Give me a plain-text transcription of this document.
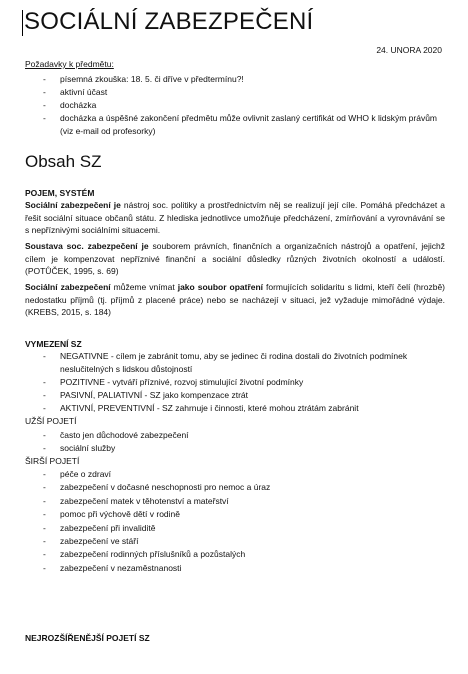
SOCIÁLNÍ ZABEZPEČENÍ
24. UNORA 2020
Požadavky k předmětu:
- písemná zkouška: 18. 5. či dříve v předtermínu?!
- aktivní účast
- docházka
- docházka a úspěšné zakončení předmětu může ovlivnit zaslaný certifikát od WHO k lidským právům (viz e-mail od profesorky)
Obsah SZ
POJEM, SYSTÉM

Sociální zabezpečení je nástroj soc. politiky a prostřednictvím něj se realizují její cíle. Pomáhá předcházet a řešit sociální situace občanů státu. Z hlediska jednotlivce umožňuje předcházení, zmírňování a vyrovnávání se s nepříznivými sociálními situacemi.

Soustava soc. zabezpečení je souborem právních, finančních a organizačních nástrojů a opatření, jejichž cílem je kompenzovat nepříznivé finanční a sociální důsledky různých životních okolností a událostí. (POTŮČEK, 1995, s. 69)

Sociální zabezpečení můžeme vnímat jako soubor opatření formujících solidaritu s lidmi, kteří čelí (hrozbě) nedostatku příjmů (tj. příjmů z placené práce) nebo se nacházejí v situaci, jež vyžaduje mimořádné výdaje. (KREBS, 2015, s. 184)

VYMEZENÍ SZ
- NEGATIVNE - cílem je zabránit tomu, aby se jedinec či rodina dostali do životních podmínek neslučitelných s lidskou důstojností
- POZITIVNE - vytváří příznivé, rozvoj stimulující životní podmínky
- PASIVNÍ, PALIATIVNÍ - SZ jako kompenzace ztrát
- AKTIVNÍ, PREVENTIVNÍ - SZ zahrnuje i činnosti, které mohou ztrátám zabránit
UŽŠÍ POJETÍ
- často jen důchodové zabezpečení
- sociální služby
ŠIRŠÍ POJETÍ
- péče o zdraví
- zabezpečení v dočasné neschopnosti pro nemoc a úraz
- zabezpečení matek v těhotenství a mateřství
- pomoc při výchově dětí v rodině
- zabezpečení při invaliditě
- zabezpečení ve stáří
- zabezpečení rodinných příslušníků a pozůstalých
- zabezpečení v nezaměstnanosti
NEJROZŠÍŘENĚJŠÍ POJETÍ SZ
